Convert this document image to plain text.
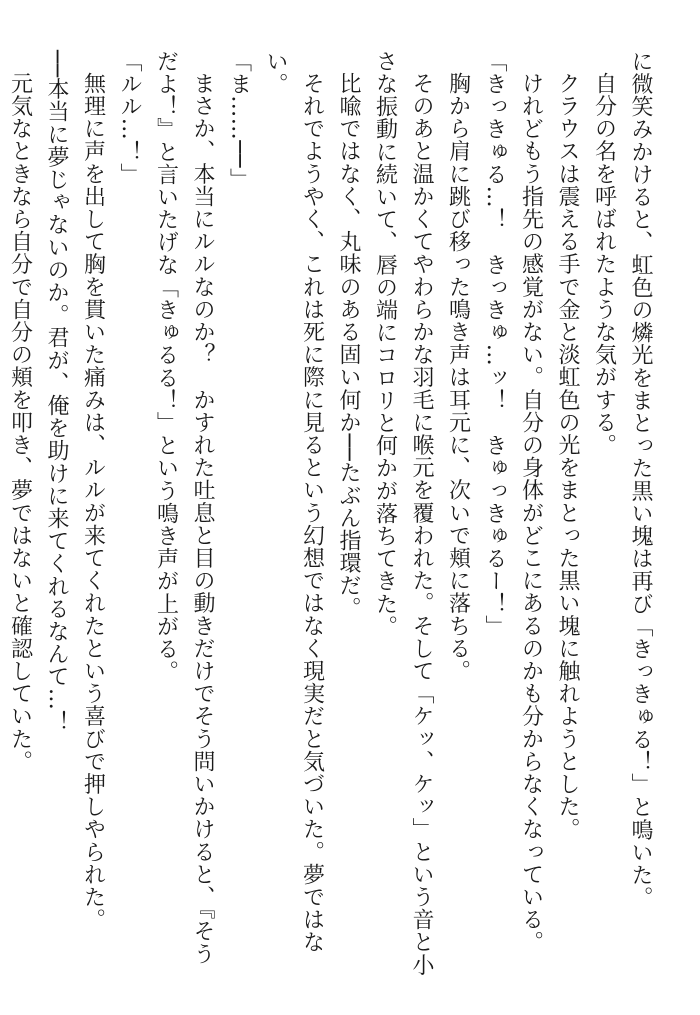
に微笑みかけると、虹色の燐光をまとった黒い塊は再び「きっきゅる！」と鳴いた。

自分の名を呼ばれたような気がする。

クラウスは震える手で金と淡虹色の光をまとった黒い塊に触れようとした。

けれどもう指先の感覚がない。自分の身体がどこにあるのかも分からなくなっている。

「きっきゅる…！　きっきゅ…ッ！　きゅっきゅるー！」

胸から肩に跳び移った鳴き声は耳元に、次いで頬に落ちる。

そのあと温かくてやわらかな羽毛に喉元を覆われた。そして「ケッ、ケッ」という音と小さな振動に続いて、唇の端にコロリと何かが落ちてきた。

比喩ではなく、丸味のある固い何か──たぶん指環だ。

それでようやく、これは死に際に見るという幻想ではなく現実だと気づいた。夢ではない。

「ま……──」

まさか、本当にルルなのか？　かすれた吐息と目の動きだけでそう問いかけると、『そうだよ！』と言いたげな「きゅるる！」という鳴き声が上がる。

「ルル…！」

無理に声を出して胸を貫いた痛みは、ルルが来てくれたという喜びで押しやられた。

──本当に夢じゃないのか。君が、俺を助けに来てくれるなんて…！

元気なときなら自分で自分の頬を叩き、夢ではないと確認していた。
